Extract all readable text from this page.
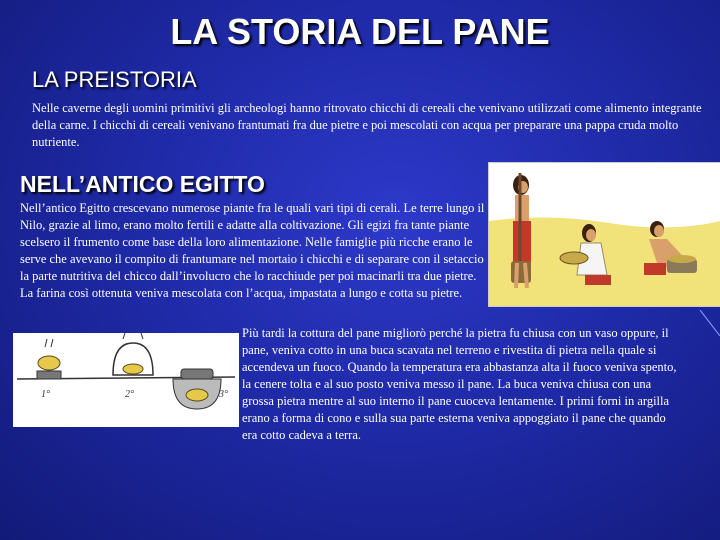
LA STORIA DEL PANE
LA PREISTORIA

Nelle caverne degli uomini primitivi gli archeologi hanno ritrovato chicchi di cereali che venivano utilizzati come alimento integrante della carne. I chicchi di cereali venivano frantumati fra due pietre e poi mescolati con acqua per preparare una pappa cruda molto nutriente.

NELL’ANTICO EGITTO

Nell’antico Egitto crescevano numerose piante fra le quali vari tipi di cerali. Le terre lungo il Nilo, grazie al limo, erano molto fertili e adatte alla coltivazione. Gli egizi fra tante piante scelsero il frumento come base della loro alimentazione. Nelle famiglie più ricche erano le serve che avevano il compito di frantumare nel mortaio i chicchi e di separare con il setaccio la parte nutritiva del chicco dall’involucro che lo racchiude per poi macinarli tra due pietre. La farina così ottenuta veniva mescolata con l’acqua, impastata a lungo e cotta su pietre.

1°	2°	3°

Più tardi la cottura del pane migliorò perché la pietra fu chiusa con un vaso oppure, il pane, veniva cotto in una buca scavata nel terreno e rivestita di pietra nella quale si accendeva un fuoco. Quando la temperatura era abbastanza alta il fuoco veniva spento, la cenere tolta e al suo posto veniva messo il pane. La buca veniva chiusa con una grossa pietra mentre al suo interno il pane cuoceva lentamente. I primi forni in argilla erano a forma di cono e sulla sua parte esterna veniva appoggiato il pane che quando era cotto cadeva a terra.
